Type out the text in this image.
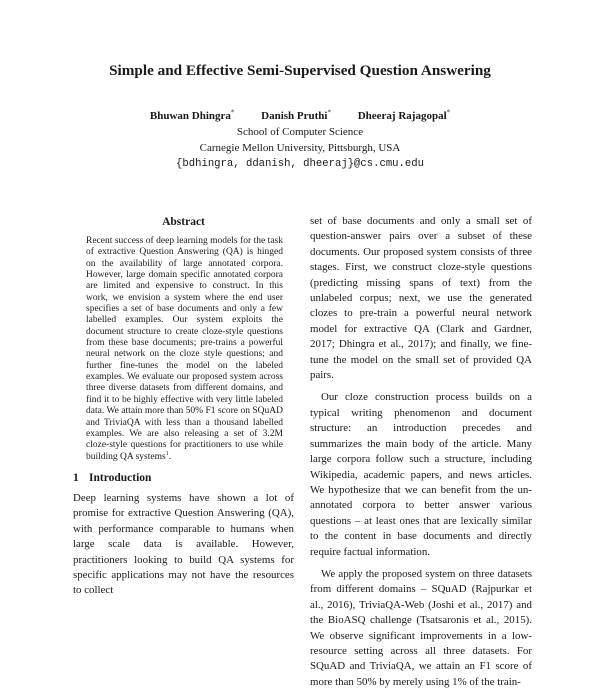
Simple and Effective Semi-Supervised Question Answering
Bhuwan Dhingra* Danish Pruthi* Dheeraj Rajagopal*
School of Computer Science
Carnegie Mellon University, Pittsburgh, USA
{bdhingra, ddanish, dheeraj}@cs.cmu.edu
Abstract

Recent success of deep learning models for the task of extractive Question Answering (QA) is hinged on the availability of large annotated corpora. However, large domain specific annotated corpora are limited and expensive to construct. In this work, we envision a system where the end user specifies a set of base documents and only a few labelled examples. Our system exploits the document structure to create cloze-style questions from these base documents; pre-trains a powerful neural network on the cloze style questions; and further fine-tunes the model on the labeled examples. We evaluate our proposed system across three diverse datasets from different domains, and find it to be highly effective with very little labeled data. We attain more than 50% F1 score on SQuAD and TriviaQA with less than a thousand labelled examples. We are also releasing a set of 3.2M cloze-style questions for practitioners to use while building QA systems$^1$.

1 Introduction

Deep learning systems have shown a lot of promise for extractive Question Answering (QA), with performance comparable to humans when large scale data is available. However, practitioners looking to build QA systems for specific applications may not have the resources to collect

set of base documents and only a small set of question-answer pairs over a subset of these documents. Our proposed system consists of three stages. First, we construct cloze-style questions (predicting missing spans of text) from the unlabeled corpus; next, we use the generated clozes to pre-train a powerful neural network model for extractive QA (Clark and Gardner, 2017; Dhingra et al., 2017); and finally, we fine-tune the model on the small set of provided QA pairs.

Our cloze construction process builds on a typical writing phenomenon and document structure: an introduction precedes and summarizes the main body of the article. Many large corpora follow such a structure, including Wikipedia, academic papers, and news articles. We hypothesize that we can benefit from the un-annotated corpora to better answer various questions – at least ones that are lexically similar to the content in base documents and directly require factual information.

We apply the proposed system on three datasets from different domains – SQuAD (Rajpurkar et al., 2016), TriviaQA-Web (Joshi et al., 2017) and the BioASQ challenge (Tsatsaronis et al., 2015). We observe significant improvements in a low-resource setting across all three datasets. For SQuAD and TriviaQA, we attain an F1 score of more than 50% by merely using 1% of the train-
